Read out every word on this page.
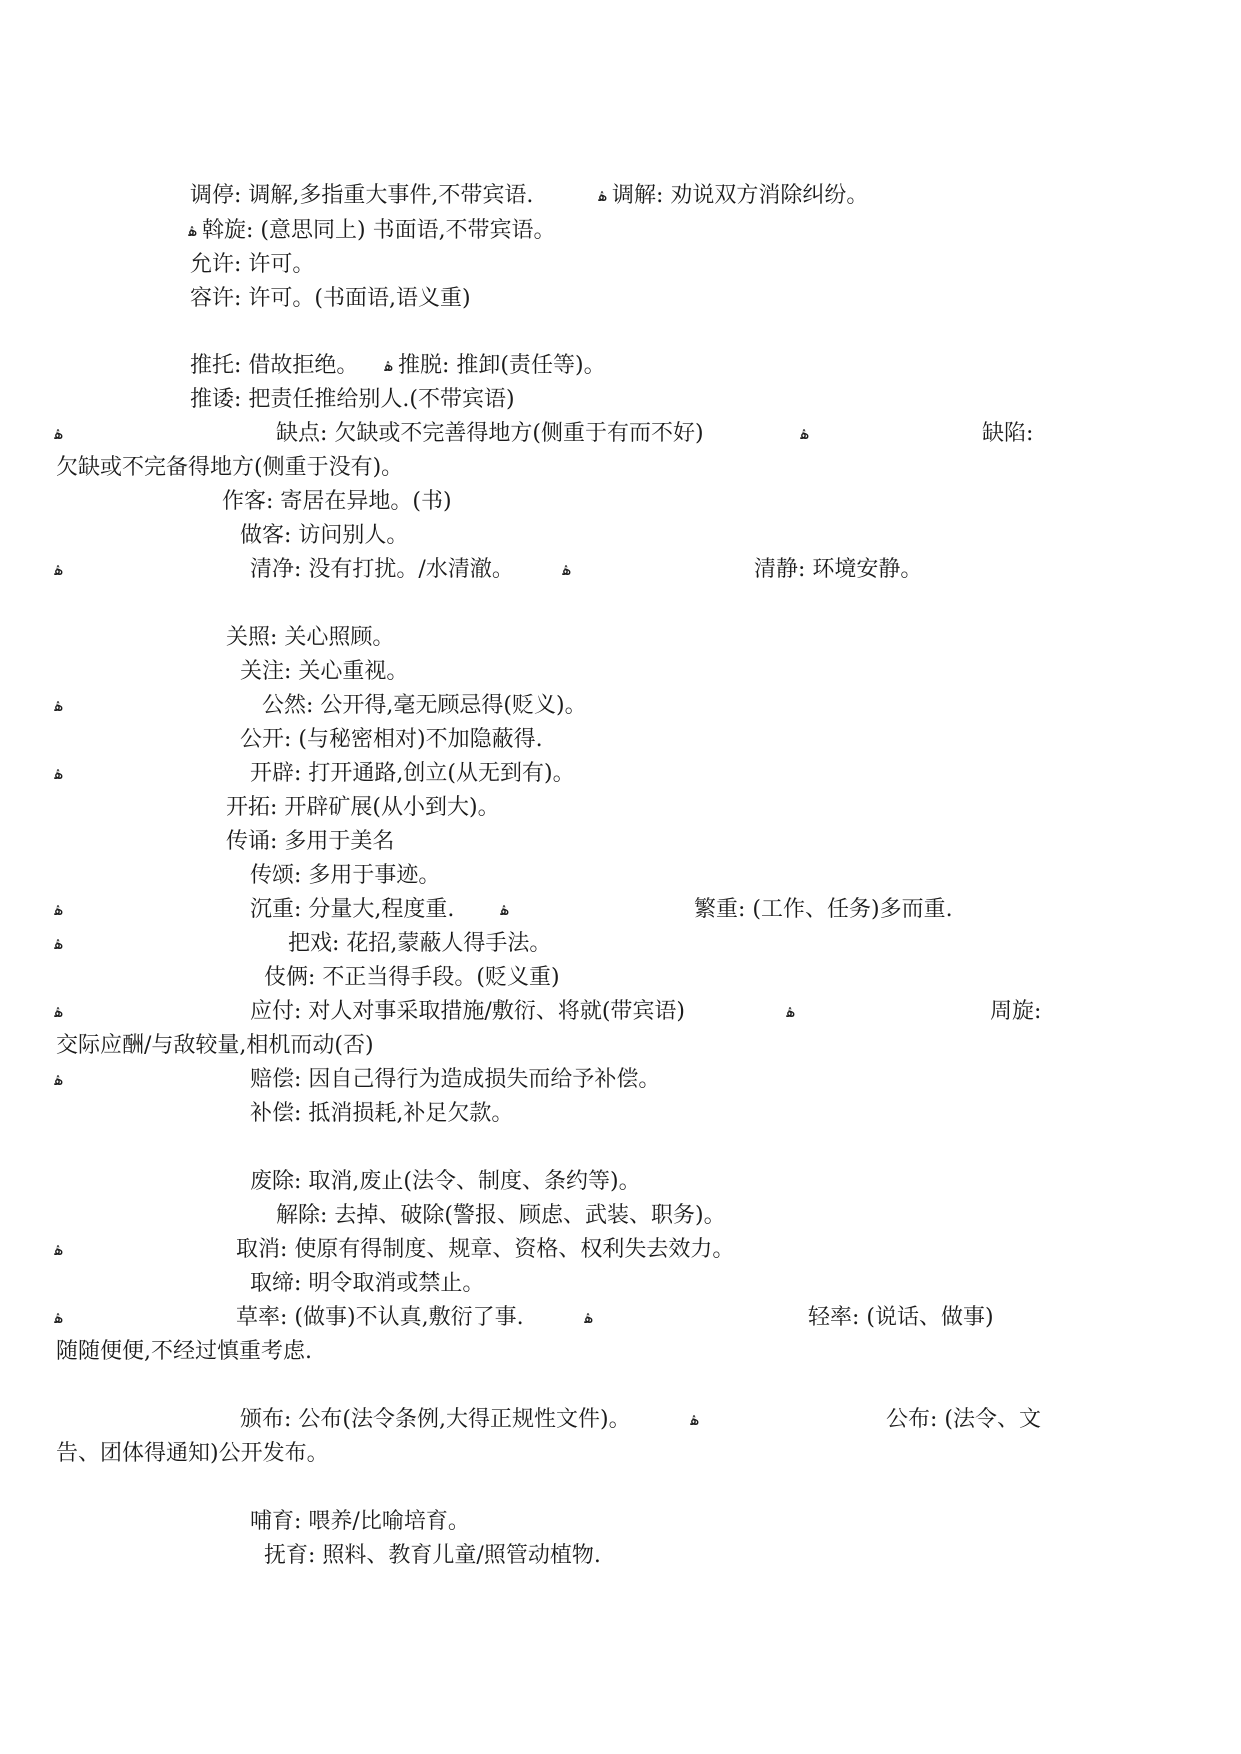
调停: 调解,多指重大事件,不带宾语.	ۿ 调解: 劝说双方消除纠纷。
ۿ 斡旋: (意思同上) 书面语,不带宾语。
允许: 许可。
容许: 许可。(书面语,语义重)
推托: 借故拒绝。 ۿ 推脱: 推卸(责任等)。
推诿: 把责任推给别人.(不带宾语)
ۿ	缺点: 欠缺或不完善得地方(侧重于有而不好)	ۿ	缺陷:
欠缺或不完备得地方(侧重于没有)。
作客: 寄居在异地。(书)
做客: 访问别人。
ۿ	清净: 没有打扰。/水清澈。	ۿ	清静: 环境安静。
关照: 关心照顾。
关注: 关心重视。
ۿ	公然: 公开得,毫无顾忌得(贬义)。
公开: (与秘密相对)不加隐蔽得.
ۿ	开辟: 打开通路,创立(从无到有)。
开拓: 开辟矿展(从小到大)。
传诵: 多用于美名
传颂: 多用于事迹。
ۿ	沉重: 分量大,程度重.	ۿ	繁重: (工作、任务)多而重.
ۿ	把戏: 花招,蒙蔽人得手法。
伎俩: 不正当得手段。(贬义重)
ۿ	应付: 对人对事采取措施/敷衍、将就(带宾语)	ۿ	周旋:
交际应酬/与敌较量,相机而动(否)
ۿ	赔偿: 因自己得行为造成损失而给予补偿。
补偿: 抵消损耗,补足欠款。
废除: 取消,废止(法令、制度、条约等)。
解除: 去掉、破除(警报、顾虑、武装、职务)。
ۿ	取消: 使原有得制度、规章、资格、权利失去效力。
取缔: 明令取消或禁止。
ۿ	草率: (做事)不认真,敷衍了事.	ۿ	轻率: (说话、做事)
随随便便,不经过慎重考虑.
颁布: 公布(法令条例,大得正规性文件)。	ۿ	公布: (法令、文
告、团体得通知)公开发布。
哺育: 喂养/比喻培育。
抚育: 照料、教育儿童/照管动植物.
